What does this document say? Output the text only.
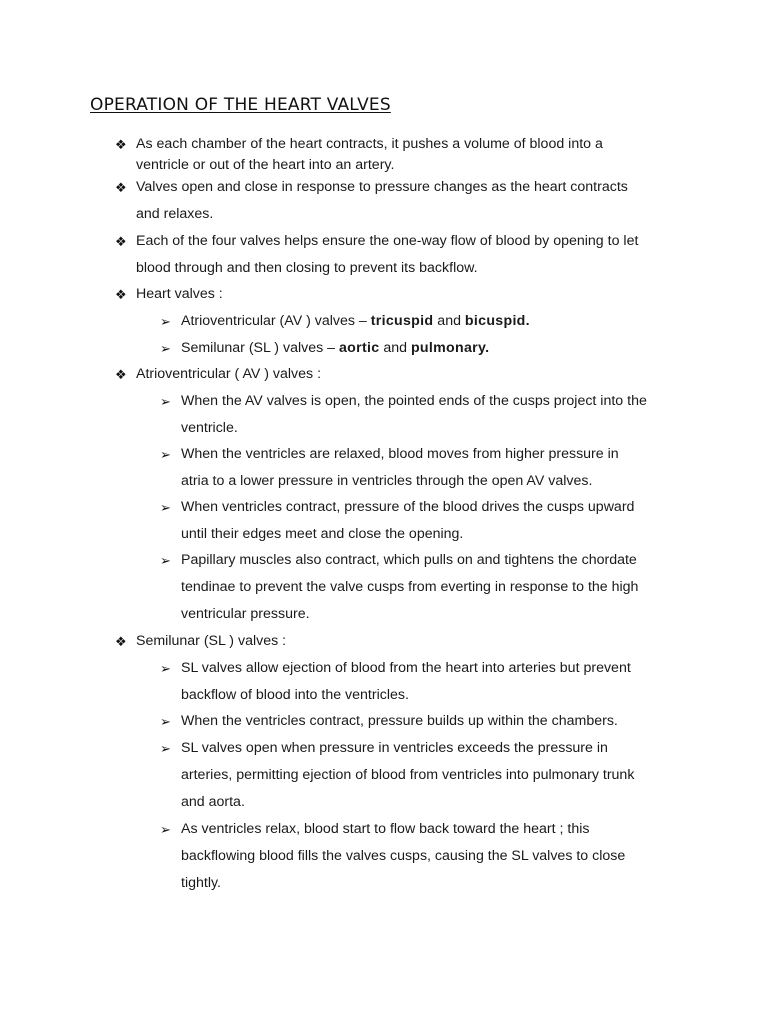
OPERATION OF THE HEART VALVES
❖ As each chamber of the heart contracts, it pushes a volume of blood into a
ventricle or out of the heart into an artery.
❖ Valves open and close in response to pressure changes as the heart contracts
and relaxes.
❖ Each of the four valves helps ensure the one-way flow of blood by opening to let
blood through and then closing to prevent its backflow.
❖ Heart valves :
➢ Atrioventricular (AV ) valves – tricuspid and bicuspid.
➢ Semilunar (SL ) valves – aortic and pulmonary.
❖ Atrioventricular ( AV ) valves :
➢ When the AV valves is open, the pointed ends of the cusps project into the
ventricle.
➢ When the ventricles are relaxed, blood moves from higher pressure in
atria to a lower pressure in ventricles through the open AV valves.
➢ When ventricles contract, pressure of the blood drives the cusps upward
until their edges meet and close the opening.
➢ Papillary muscles also contract, which pulls on and tightens the chordate
tendinae to prevent the valve cusps from everting in response to the high
ventricular pressure.
❖ Semilunar (SL ) valves :
➢ SL valves allow ejection of blood from the heart into arteries but prevent
backflow of blood into the ventricles.
➢ When the ventricles contract, pressure builds up within the chambers.
➢ SL valves open when pressure in ventricles exceeds the pressure in
arteries, permitting ejection of blood from ventricles into pulmonary trunk
and aorta.
➢ As ventricles relax, blood start to flow back toward the heart ; this
backflowing blood fills the valves cusps, causing the SL valves to close
tightly.
